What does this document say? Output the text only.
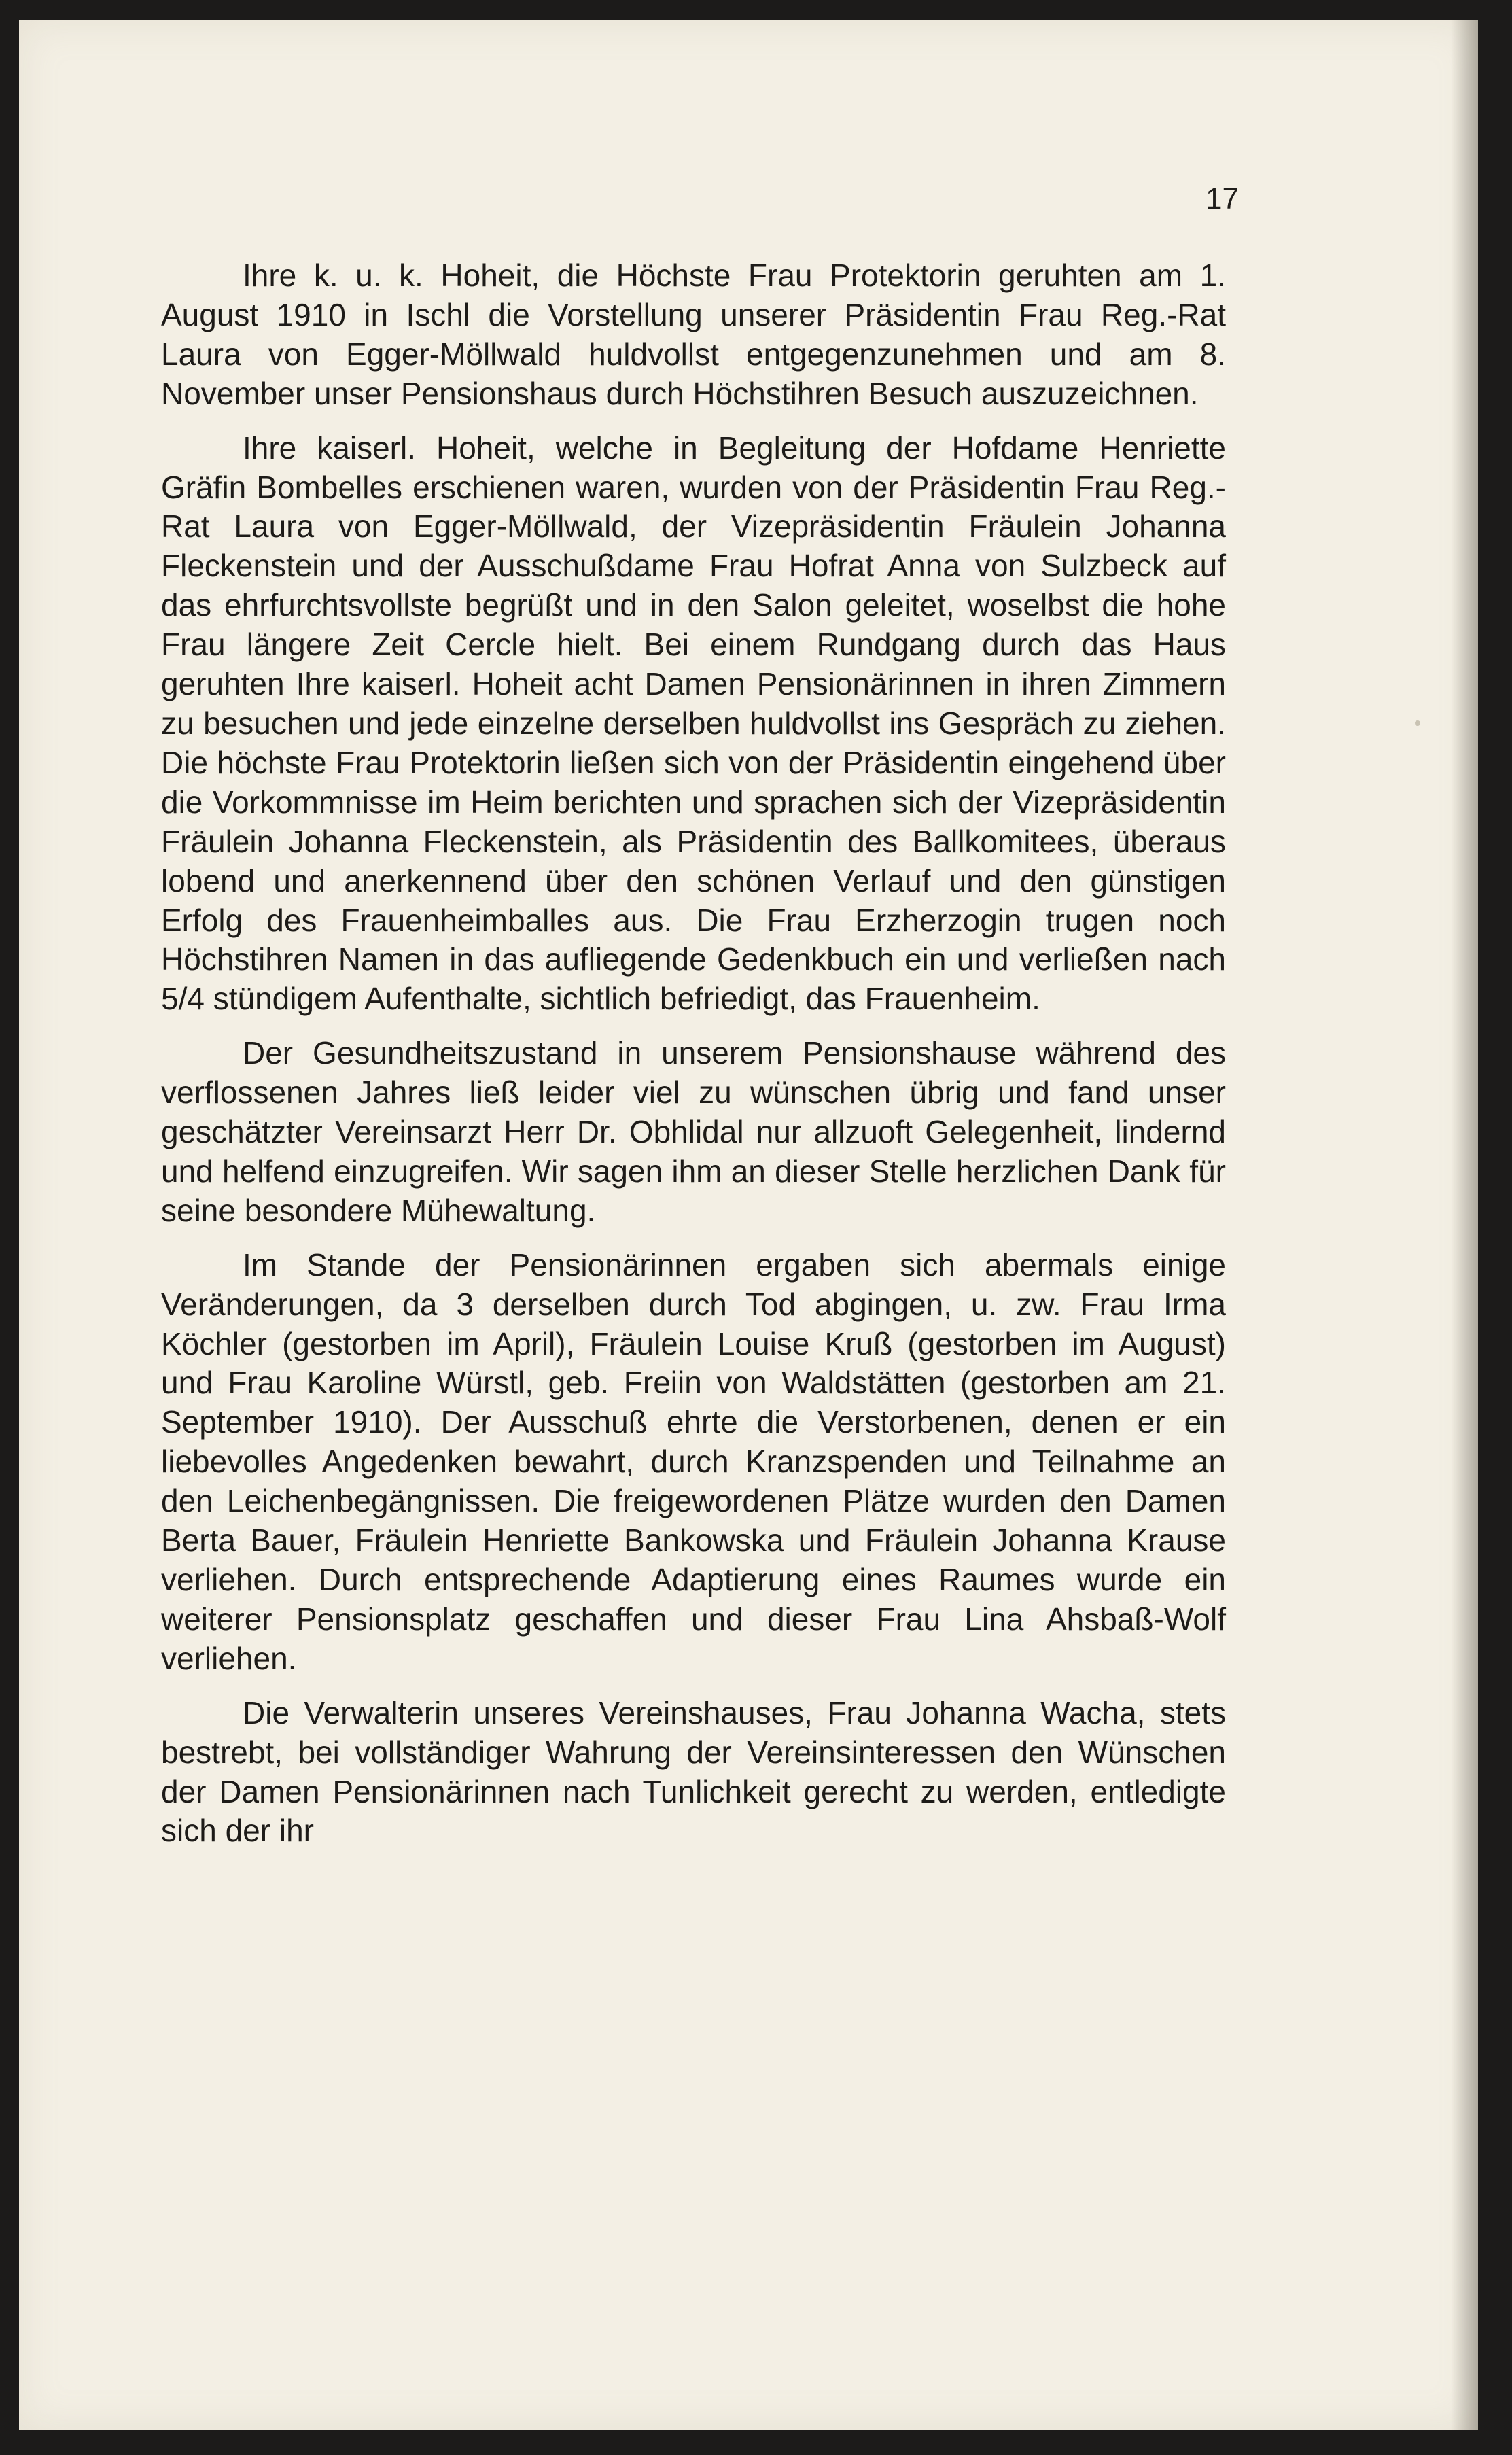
17

Ihre k. u. k. Hoheit, die Höchste Frau Protektorin geruhten am 1. August 1910 in Ischl die Vorstellung unserer Präsidentin Frau Reg.-Rat Laura von Egger-Möllwald huldvollst entgegenzunehmen und am 8. November unser Pensionshaus durch Höchstihren Besuch auszuzeichnen.

Ihre kaiserl. Hoheit, welche in Begleitung der Hofdame Henriette Gräfin Bombelles erschienen waren, wurden von der Präsidentin Frau Reg.-Rat Laura von Egger-Möllwald, der Vizepräsidentin Fräulein Johanna Fleckenstein und der Ausschußdame Frau Hofrat Anna von Sulzbeck auf das ehrfurchtsvollste begrüßt und in den Salon geleitet, woselbst die hohe Frau längere Zeit Cercle hielt. Bei einem Rundgang durch das Haus geruhten Ihre kaiserl. Hoheit acht Damen Pensionärinnen in ihren Zimmern zu besuchen und jede einzelne derselben huldvollst ins Gespräch zu ziehen. Die höchste Frau Protektorin ließen sich von der Präsidentin eingehend über die Vorkommnisse im Heim berichten und sprachen sich der Vizepräsidentin Fräulein Johanna Fleckenstein, als Präsidentin des Ballkomitees, überaus lobend und anerkennend über den schönen Verlauf und den günstigen Erfolg des Frauenheimballes aus. Die Frau Erzherzogin trugen noch Höchstihren Namen in das aufliegende Gedenkbuch ein und verließen nach 5/4 stündigem Aufenthalte, sichtlich befriedigt, das Frauenheim.

Der Gesundheitszustand in unserem Pensionshause während des verflossenen Jahres ließ leider viel zu wünschen übrig und fand unser geschätzter Vereinsarzt Herr Dr. Obhlidal nur allzuoft Gelegenheit, lindernd und helfend einzugreifen. Wir sagen ihm an dieser Stelle herzlichen Dank für seine besondere Mühewaltung.

Im Stande der Pensionärinnen ergaben sich abermals einige Veränderungen, da 3 derselben durch Tod abgingen, u. zw. Frau Irma Köchler (gestorben im April), Fräulein Louise Kruß (gestorben im August) und Frau Karoline Würstl, geb. Freiin von Waldstätten (gestorben am 21. September 1910). Der Ausschuß ehrte die Verstorbenen, denen er ein liebevolles Angedenken bewahrt, durch Kranzspenden und Teilnahme an den Leichenbegängnissen. Die freigewordenen Plätze wurden den Damen Berta Bauer, Fräulein Henriette Bankowska und Fräulein Johanna Krause verliehen. Durch entsprechende Adaptierung eines Raumes wurde ein weiterer Pensionsplatz geschaffen und dieser Frau Lina Ahsbaß-Wolf verliehen.

Die Verwalterin unseres Vereinshauses, Frau Johanna Wacha, stets bestrebt, bei vollständiger Wahrung der Vereinsinteressen den Wünschen der Damen Pensionärinnen nach Tunlichkeit gerecht zu werden, entledigte sich der ihr
